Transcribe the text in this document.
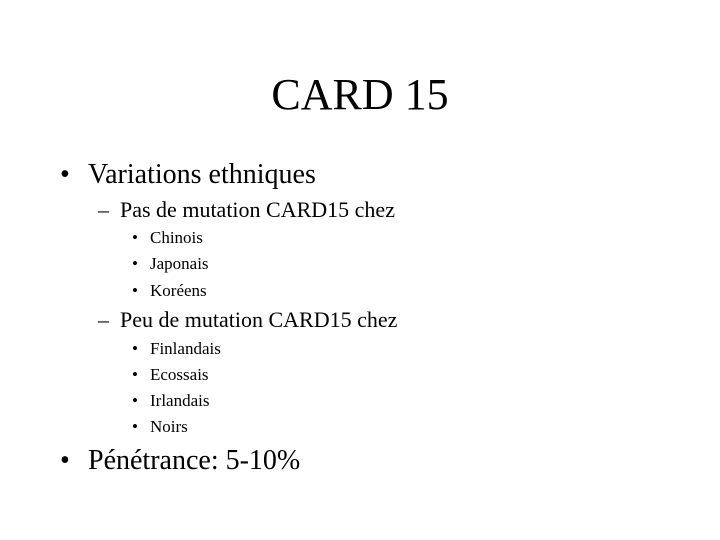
CARD 15
• Variations ethniques
– Pas de mutation CARD15 chez
• Chinois
• Japonais
• Koréens
– Peu de mutation CARD15 chez
• Finlandais
• Ecossais
• Irlandais
• Noirs
• Pénétrance: 5-10%
